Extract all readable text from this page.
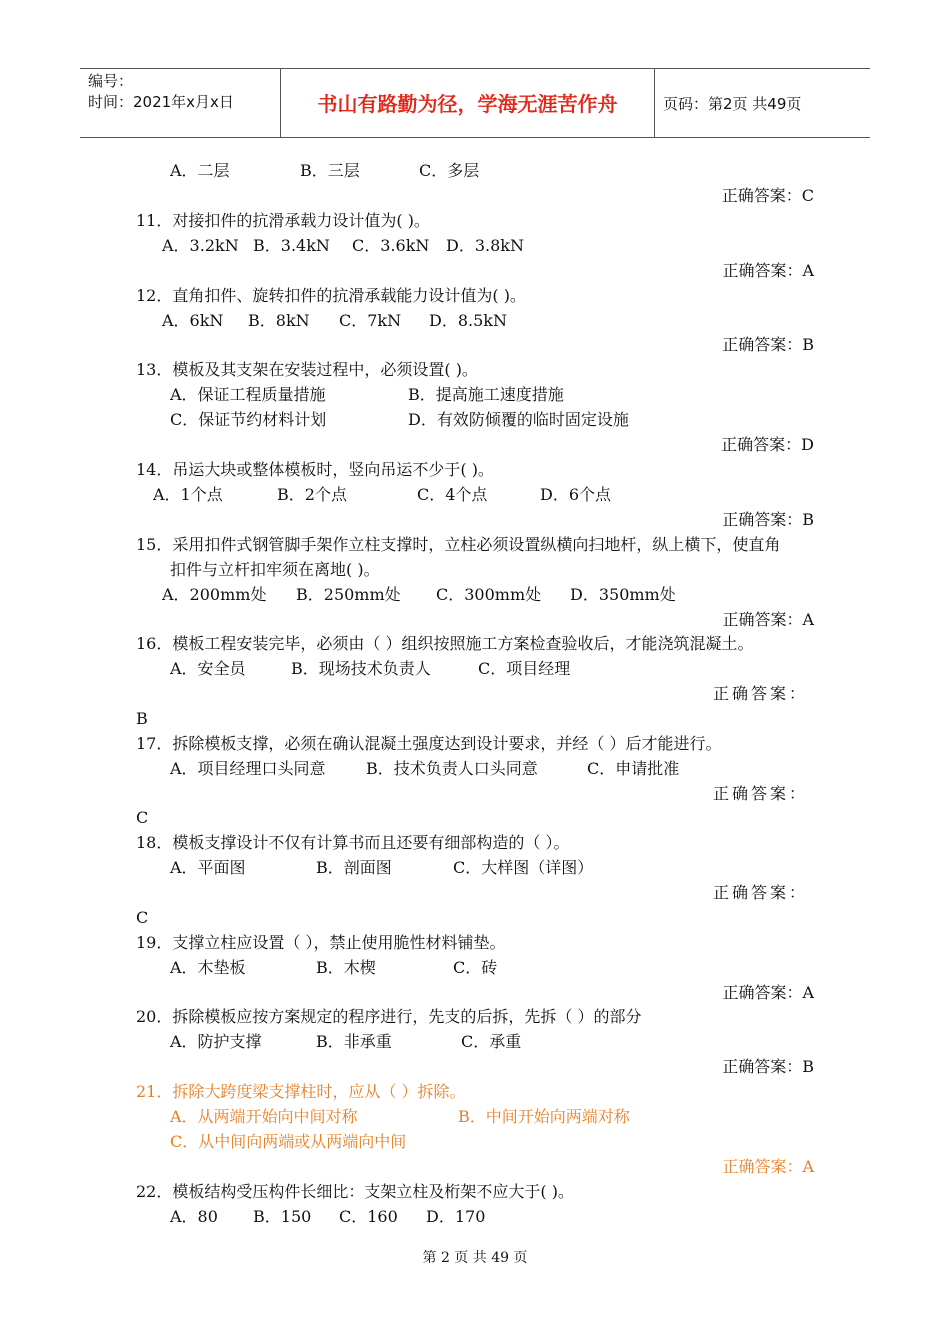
编号：
时间：2021年x月x日	书山有路勤为径，学海无涯苦作舟	页码：第2页 共49页
A．二层	B．三层	C．多层
正确答案：C
11．对接扣件的抗滑承载力设计值为( )。
A．3.2kN B．3.4kN C．3.6kN D．3.8kN
正确答案：A
12．直角扣件、旋转扣件的抗滑承载能力设计值为( )。
A．6kN B．8kN C．7kN D．8.5kN
正确答案：B
13．模板及其支架在安装过程中，必须设置( )。
A．保证工程质量措施	B．提高施工速度措施
C．保证节约材料计划	D．有效防倾覆的临时固定设施
正确答案：D
14．吊运大块或整体模板时，竖向吊运不少于( )。
A．1个点	B．2个点	C．4个点	D．6个点
正确答案：B
15．采用扣件式钢管脚手架作立柱支撑时，立柱必须设置纵横向扫地杆，纵上横下，使直角
扣件与立杆扣牢须在离地( )。
A．200mm处 B．250mm处 C．300mm处 D．350mm处
正确答案：A
16．模板工程安装完毕，必须由（ ）组织按照施工方案检查验收后，才能浇筑混凝土。
A．安全员	B．现场技术负责人	C．项目经理
正确答案：
B
17．拆除模板支撑，必须在确认混凝土强度达到设计要求，并经（ ）后才能进行。
A．项目经理口头同意	B．技术负责人口头同意	C．申请批准
正确答案：
C
18．模板支撑设计不仅有计算书而且还要有细部构造的（ ）。
A．平面图	B．剖面图	C．大样图（详图）
正确答案：
C
19．支撑立柱应设置（ ），禁止使用脆性材料铺垫。
A．木垫板	B．木楔	C．砖
正确答案：A
20．拆除模板应按方案规定的程序进行，先支的后拆，先拆（ ）的部分
A．防护支撑	B．非承重	C．承重
正确答案：B
21．拆除大跨度梁支撑柱时，应从（ ）拆除。
A．从两端开始向中间对称	B．中间开始向两端对称
C．从中间向两端或从两端向中间
正确答案：A
22．模板结构受压构件长细比：支架立柱及桁架不应大于( )。
A．80 B．150 C．160 D．170
第 2 页 共 49 页
